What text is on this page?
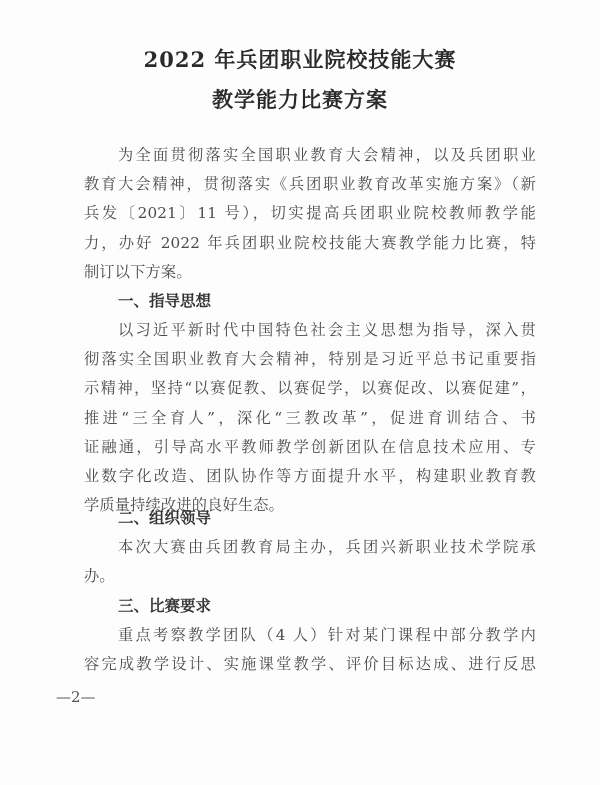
2022 年兵团职业院校技能大赛
教学能力比赛方案
为全面贯彻落实全国职业教育大会精神，以及兵团职业
教育大会精神，贯彻落实《兵团职业教育改革实施方案》（新
兵发〔2021〕11 号），切实提高兵团职业院校教师教学能
力，办好 2022 年兵团职业院校技能大赛教学能力比赛，特
制订以下方案。
一、指导思想
以习近平新时代中国特色社会主义思想为指导，深入贯
彻落实全国职业教育大会精神，特别是习近平总书记重要指
示精神，坚持“以赛促教、以赛促学，以赛促改、以赛促建”，
推进“三全育人”，深化“三教改革”，促进育训结合、书
证融通，引导高水平教师教学创新团队在信息技术应用、专
业数字化改造、团队协作等方面提升水平，构建职业教育教
学质量持续改进的良好生态。
二、组织领导
本次大赛由兵团教育局主办，兵团兴新职业技术学院承
办。
三、比赛要求
重点考察教学团队（4 人）针对某门课程中部分教学内
容完成教学设计、实施课堂教学、评价目标达成、进行反思
—2—
